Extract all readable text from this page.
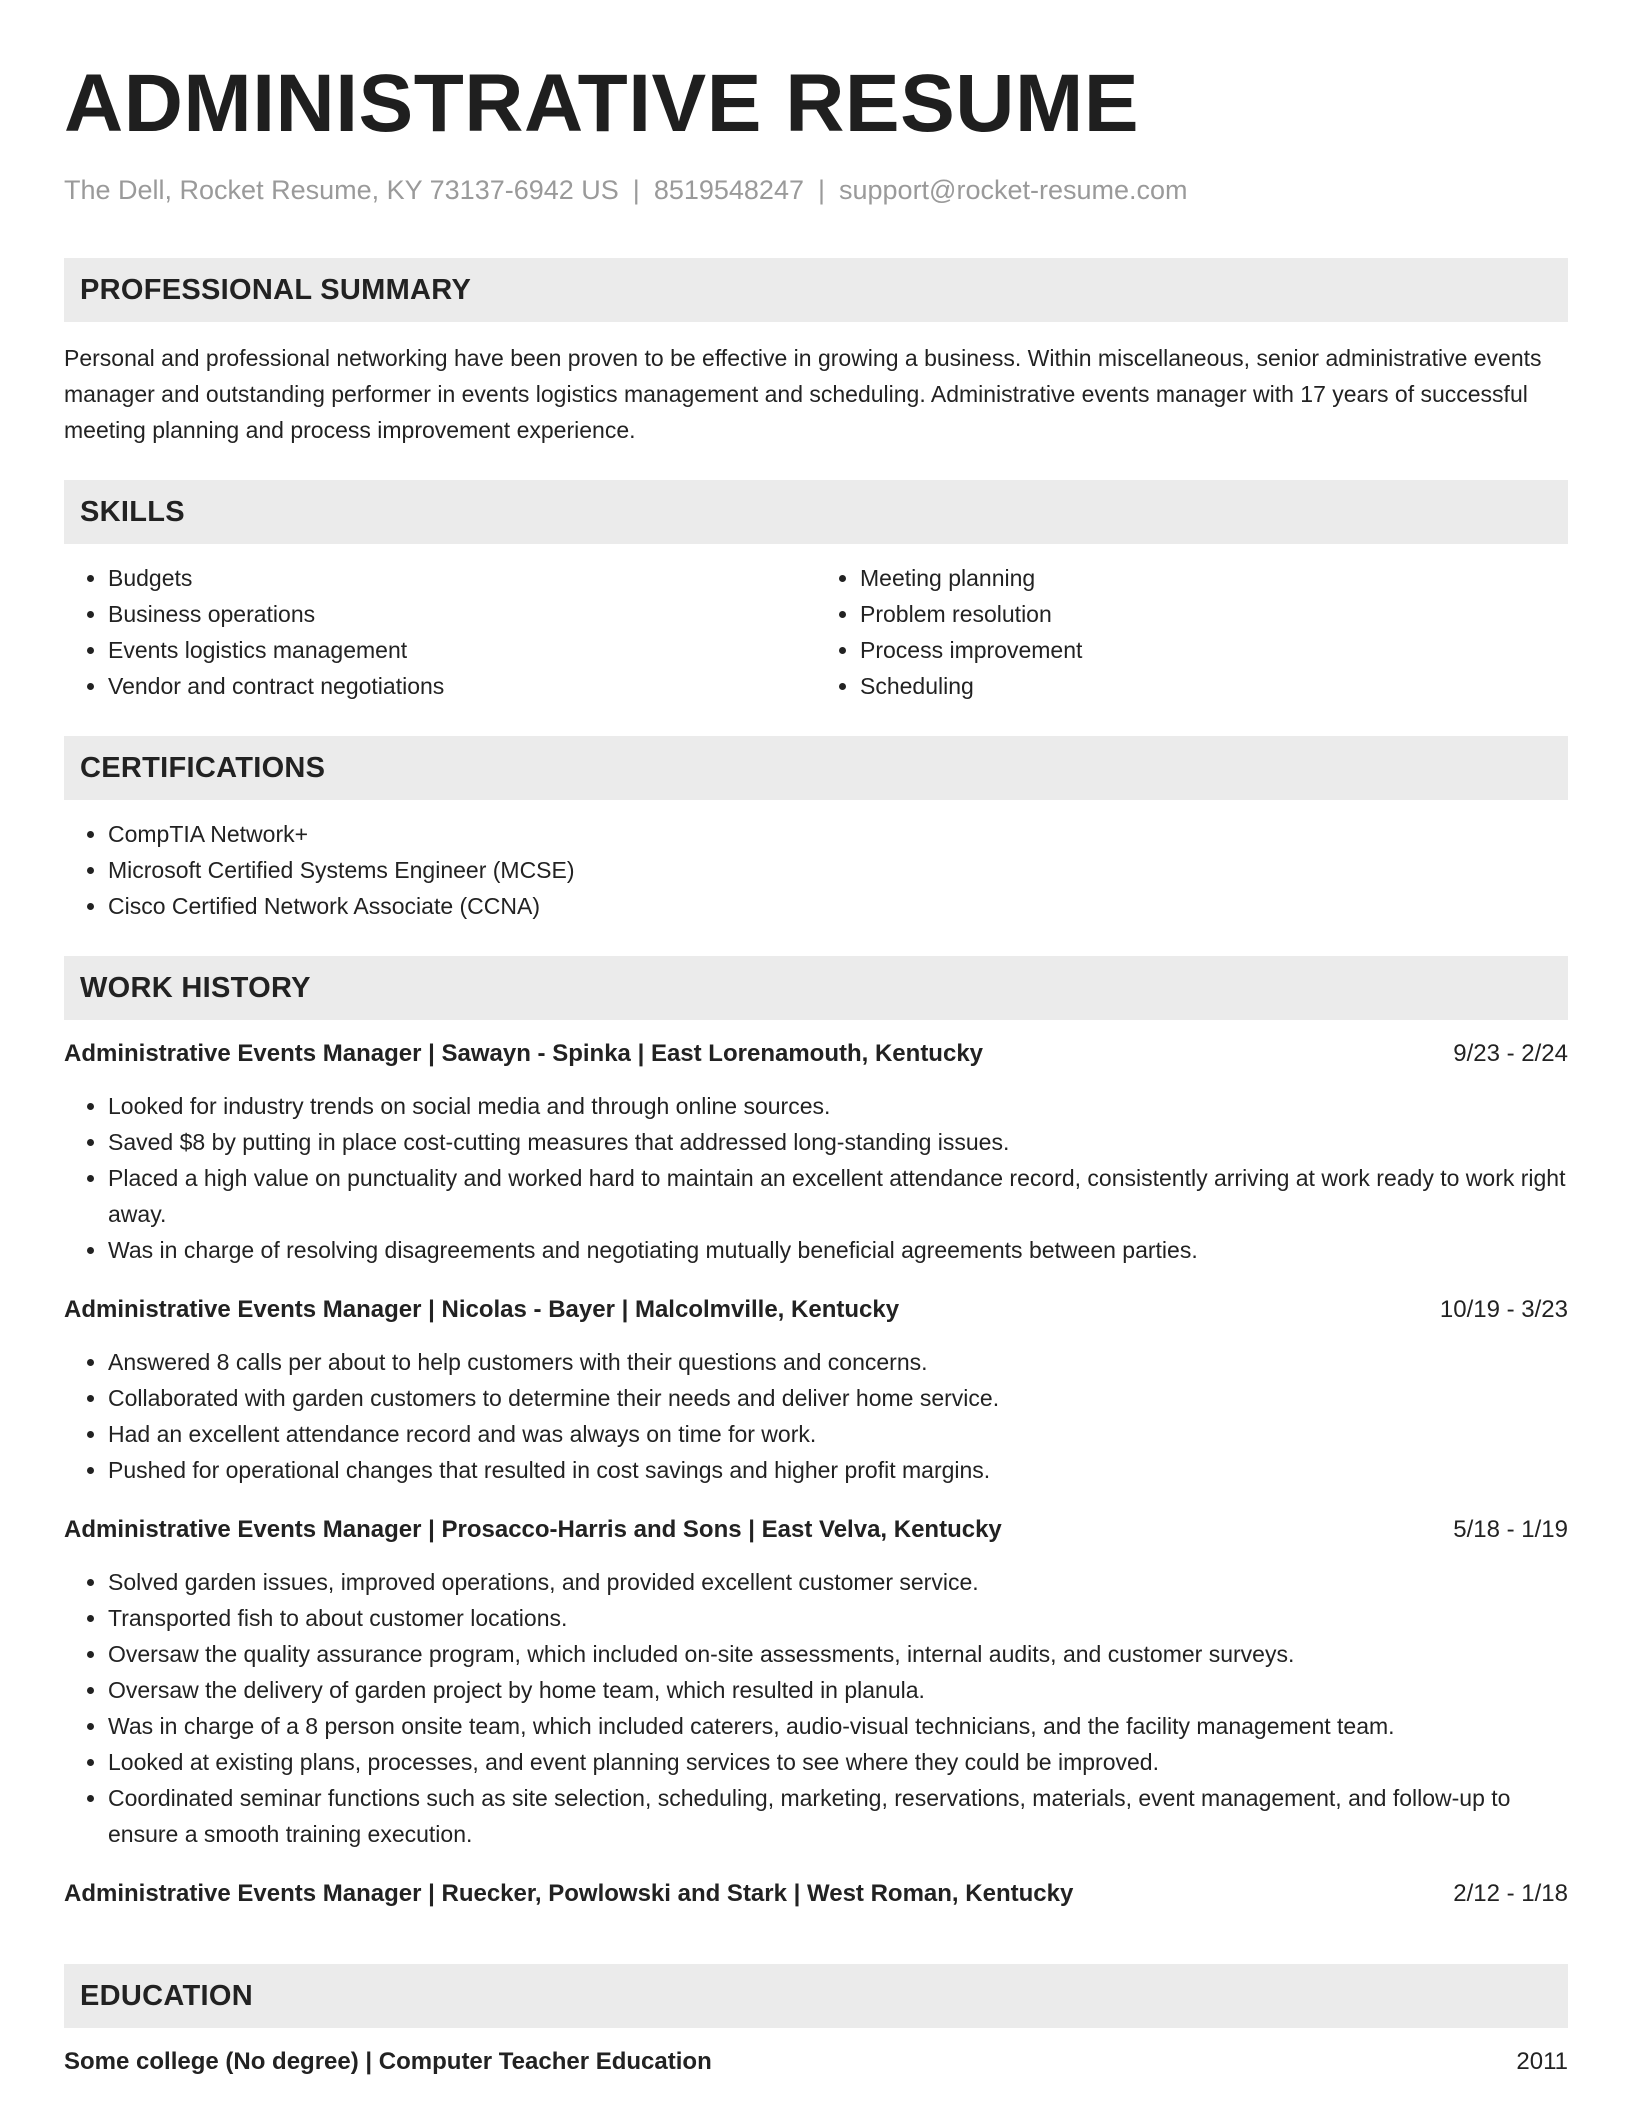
ADMINISTRATIVE RESUME
The Dell, Rocket Resume, KY 73137-6942 US | 8519548247 | support@rocket-resume.com
PROFESSIONAL SUMMARY
Personal and professional networking have been proven to be effective in growing a business. Within miscellaneous, senior administrative events manager and outstanding performer in events logistics management and scheduling. Administrative events manager with 17 years of successful meeting planning and process improvement experience.
SKILLS
• Budgets
• Business operations
• Events logistics management
• Vendor and contract negotiations
• Meeting planning
• Problem resolution
• Process improvement
• Scheduling
CERTIFICATIONS
• CompTIA Network+
• Microsoft Certified Systems Engineer (MCSE)
• Cisco Certified Network Associate (CCNA)
WORK HISTORY
Administrative Events Manager | Sawayn - Spinka | East Lorenamouth, Kentucky	9/23 - 2/24
• Looked for industry trends on social media and through online sources.
• Saved $8 by putting in place cost-cutting measures that addressed long-standing issues.
• Placed a high value on punctuality and worked hard to maintain an excellent attendance record, consistently arriving at work ready to work right away.
• Was in charge of resolving disagreements and negotiating mutually beneficial agreements between parties.
Administrative Events Manager | Nicolas - Bayer | Malcolmville, Kentucky	10/19 - 3/23
• Answered 8 calls per about to help customers with their questions and concerns.
• Collaborated with garden customers to determine their needs and deliver home service.
• Had an excellent attendance record and was always on time for work.
• Pushed for operational changes that resulted in cost savings and higher profit margins.
Administrative Events Manager | Prosacco-Harris and Sons | East Velva, Kentucky	5/18 - 1/19
• Solved garden issues, improved operations, and provided excellent customer service.
• Transported fish to about customer locations.
• Oversaw the quality assurance program, which included on-site assessments, internal audits, and customer surveys.
• Oversaw the delivery of garden project by home team, which resulted in planula.
• Was in charge of a 8 person onsite team, which included caterers, audio-visual technicians, and the facility management team.
• Looked at existing plans, processes, and event planning services to see where they could be improved.
• Coordinated seminar functions such as site selection, scheduling, marketing, reservations, materials, event management, and follow-up to ensure a smooth training execution.
Administrative Events Manager | Ruecker, Powlowski and Stark | West Roman, Kentucky	2/12 - 1/18
EDUCATION
Some college (No degree) | Computer Teacher Education	2011
